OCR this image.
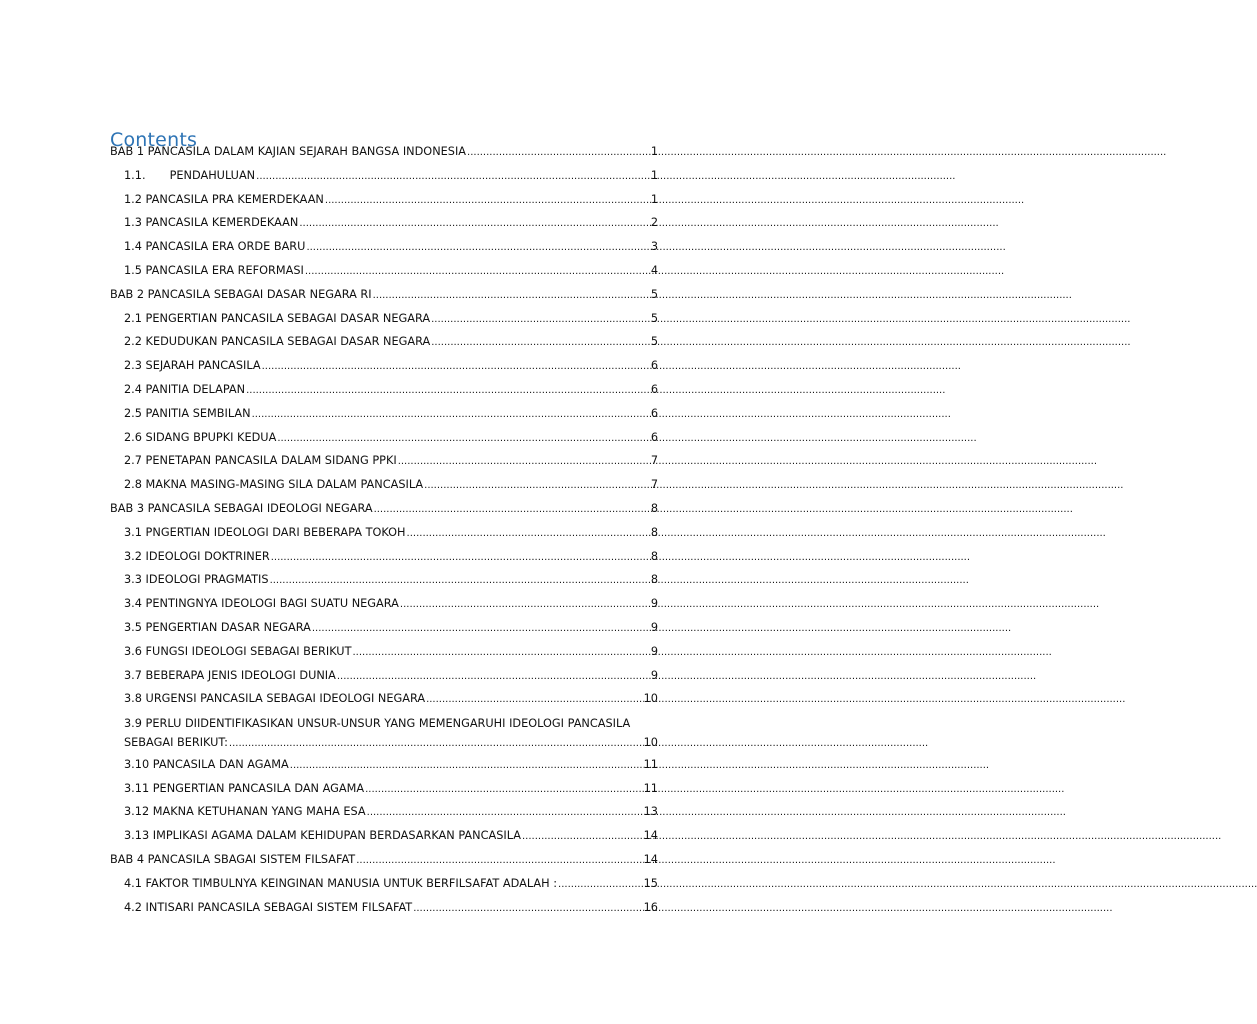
Contents
BAB 1 PANCASILA DALAM KAJIAN SEJARAH BANGSA INDONESIA .....	1
1.1. PENDAHULUAN .....	1
1.2 PANCASILA PRA KEMERDEKAAN .....	1
1.3 PANCASILA KEMERDEKAAN .....	2
1.4 PANCASILA ERA ORDE BARU .....	3
1.5 PANCASILA ERA REFORMASI .....	4
BAB 2 PANCASILA SEBAGAI DASAR NEGARA RI .....	5
2.1 PENGERTIAN PANCASILA SEBAGAI DASAR NEGARA .....	5
2.2 KEDUDUKAN PANCASILA SEBAGAI DASAR NEGARA .....	5
2.3 SEJARAH PANCASILA .....	6
2.4 PANITIA DELAPAN .....	6
2.5 PANITIA SEMBILAN .....	6
2.6 SIDANG BPUPKI KEDUA .....	6
2.7 PENETAPAN PANCASILA DALAM SIDANG PPKI .....	7
2.8 MAKNA MASING-MASING SILA DALAM PANCASILA .....	7
BAB 3 PANCASILA SEBAGAI IDEOLOGI NEGARA .....	8
3.1 PNGERTIAN IDEOLOGI DARI BEBERAPA TOKOH .....	8
3.2 IDEOLOGI DOKTRINER .....	8
3.3 IDEOLOGI PRAGMATIS .....	8
3.4 PENTINGNYA IDEOLOGI BAGI SUATU NEGARA .....	9
3.5 PENGERTIAN DASAR NEGARA .....	9
3.6 FUNGSI IDEOLOGI SEBAGAI BERIKUT .....	9
3.7 BEBERAPA JENIS IDEOLOGI DUNIA .....	9
3.8 URGENSI PANCASILA SEBAGAI IDEOLOGI NEGARA .....	10
3.9 PERLU DIIDENTIFIKASIKAN UNSUR-UNSUR YANG MEMENGARUHI IDEOLOGI PANCASILA
SEBAGAI BERIKUT: .....	10
3.10 PANCASILA DAN AGAMA .....	11
3.11 PENGERTIAN PANCASILA DAN AGAMA .....	11
3.12 MAKNA KETUHANAN YANG MAHA ESA .....	13
3.13 IMPLIKASI AGAMA DALAM KEHIDUPAN BERDASARKAN PANCASILA .....	14
BAB 4 PANCASILA SBAGAI SISTEM FILSAFAT .....	14
4.1 FAKTOR TIMBULNYA KEINGINAN MANUSIA UNTUK BERFILSAFAT ADALAH : .....	15
4.2 INTISARI PANCASILA SEBAGAI SISTEM FILSAFAT .....	16
